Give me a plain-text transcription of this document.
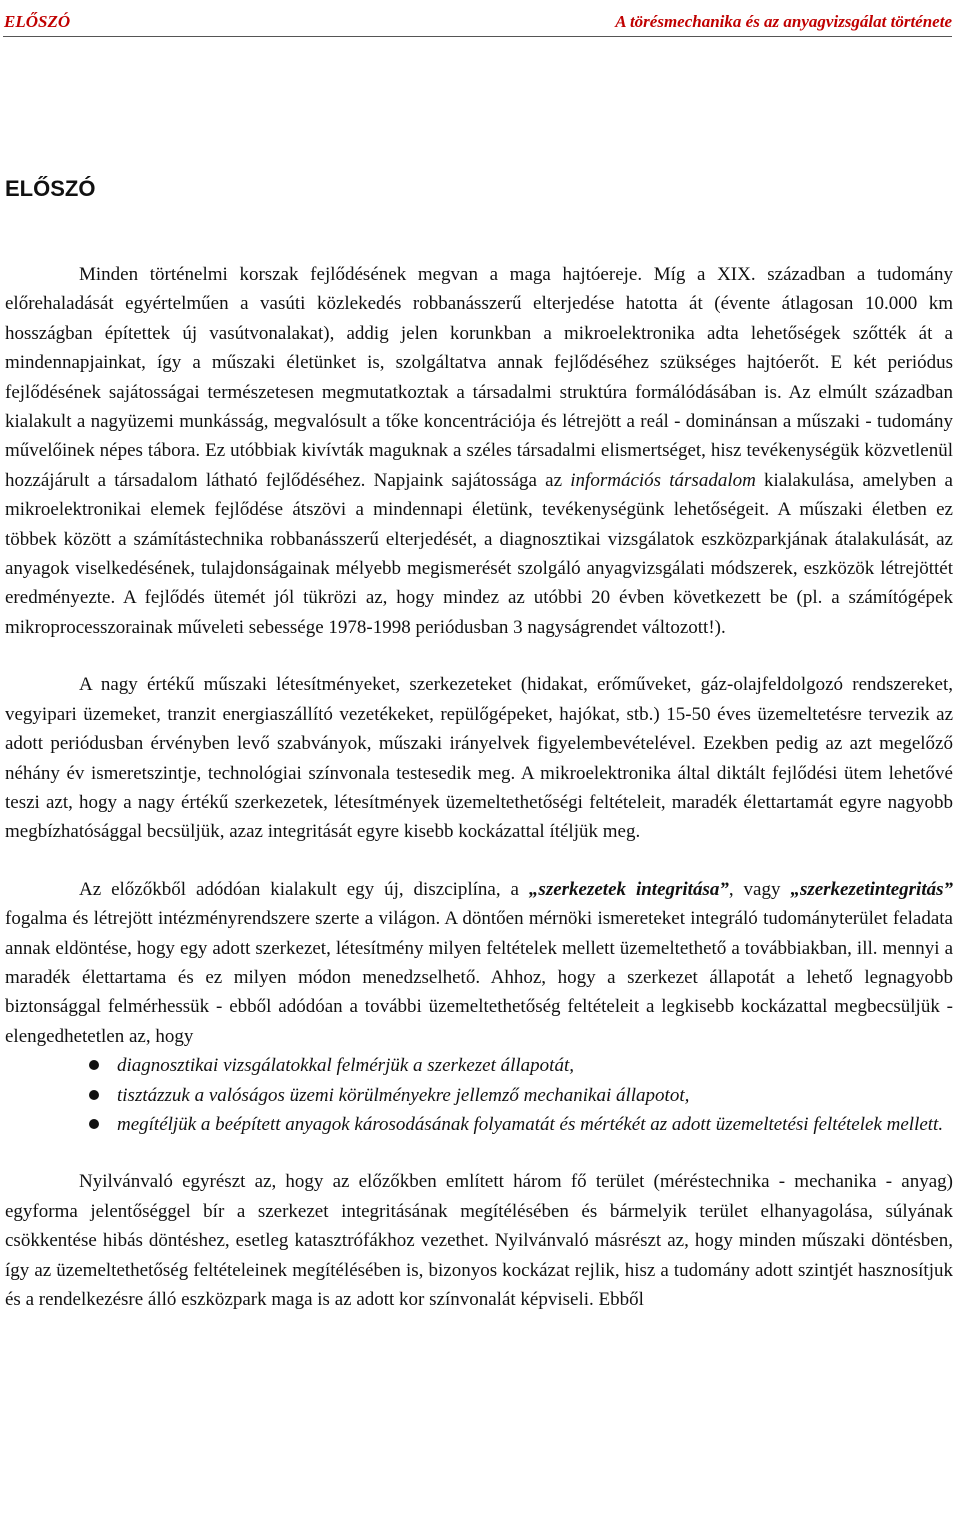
ELŐSZÓ	A törésmechanika és az anyagvizsgálat története
ELŐSZÓ

Minden történelmi korszak fejlődésének megvan a maga hajtóereje. Míg a XIX. században a tudomány előrehaladását egyértelműen a vasúti közlekedés robbanásszerű elterjedése hatotta át (évente átlagosan 10.000 km hosszágban építettek új vasútvonalakat), addig jelen korunkban a mikroelektronika adta lehetőségek szőtték át a mindennapjainkat, így a műszaki életünket is, szolgáltatva annak fejlődéséhez szükséges hajtóerőt. E két periódus fejlődésének sajátosságai természetesen megmutatkoztak a társadalmi struktúra formálódásában is. Az elmúlt században kialakult a nagyüzemi munkásság, megvalósult a tőke koncentrációja és létrejött a reál - dominánsan a műszaki - tudomány művelőinek népes tábora. Ez utóbbiak kivívták maguknak a széles társadalmi elismertséget, hisz tevékenységük közvetlenül hozzájárult a társadalom látható fejlődéséhez. Napjaink sajátossága az információs társadalom kialakulása, amelyben a mikroelektronikai elemek fejlődése átszövi a mindennapi életünk, tevékenységünk lehetőségeit. A műszaki életben ez többek között a számítástechnika robbanásszerű elterjedését, a diagnosztikai vizsgálatok eszközparkjának átalakulását, az anyagok viselkedésének, tulajdonságainak mélyebb megismerését szolgáló anyagvizsgálati módszerek, eszközök létrejöttét eredményezte. A fejlődés ütemét jól tükrözi az, hogy mindez az utóbbi 20 évben következett be (pl. a számítógépek mikroprocesszorainak műveleti sebessége 1978-1998 periódusban 3 nagyságrendet változott!).

A nagy értékű műszaki létesítményeket, szerkezeteket (hidakat, erőműveket, gáz-olajfeldolgozó rendszereket, vegyipari üzemeket, tranzit energiaszállító vezetékeket, repülőgépeket, hajókat, stb.) 15-50 éves üzemeltetésre tervezik az adott periódusban érvényben levő szabványok, műszaki irányelvek figyelembevételével. Ezekben pedig az azt megelőző néhány év ismeretszintje, technológiai színvonala testesedik meg. A mikroelektronika által diktált fejlődési ütem lehetővé teszi azt, hogy a nagy értékű szerkezetek, létesítmények üzemeltethetőségi feltételeit, maradék élettartamát egyre nagyobb megbízhatósággal becsüljük, azaz integritását egyre kisebb kockázattal ítéljük meg.

Az előzőkből adódóan kialakult egy új, diszciplína, a „szerkezetek integritása”, vagy „szerkezetintegritás” fogalma és létrejött intézményrendszere szerte a világon. A döntően mérnöki ismereteket integráló tudományterület feladata annak eldöntése, hogy egy adott szerkezet, létesítmény milyen feltételek mellett üzemeltethető a továbbiakban, ill. mennyi a maradék élettartama és ez milyen módon menedzselhető. Ahhoz, hogy a szerkezet állapotát a lehető legnagyobb biztonsággal felmérhessük - ebből adódóan a további üzemeltethetőség feltételeit a legkisebb kockázattal megbecsüljük - elengedhetetlen az, hogy

diagnosztikai vizsgálatokkal felmérjük a szerkezet állapotát,
tisztázzuk a valóságos üzemi körülményekre jellemző mechanikai állapotot,
megítéljük a beépített anyagok károsodásának folyamatát és mértékét az adott üzemeltetési feltételek mellett.

Nyilvánvaló egyrészt az, hogy az előzőkben említett három fő terület (méréstechnika - mechanika - anyag) egyforma jelentőséggel bír a szerkezet integritásának megítélésében és bármelyik terület elhanyagolása, súlyának csökkentése hibás döntéshez, esetleg katasztrófákhoz vezethet. Nyilvánvaló másrészt az, hogy minden műszaki döntésben, így az üzemeltethetőség feltételeinek megítélésében is, bizonyos kockázat rejlik, hisz a tudomány adott szintjét hasznosítjuk és a rendelkezésre álló eszközpark maga is az adott kor színvonalát képviseli. Ebből
